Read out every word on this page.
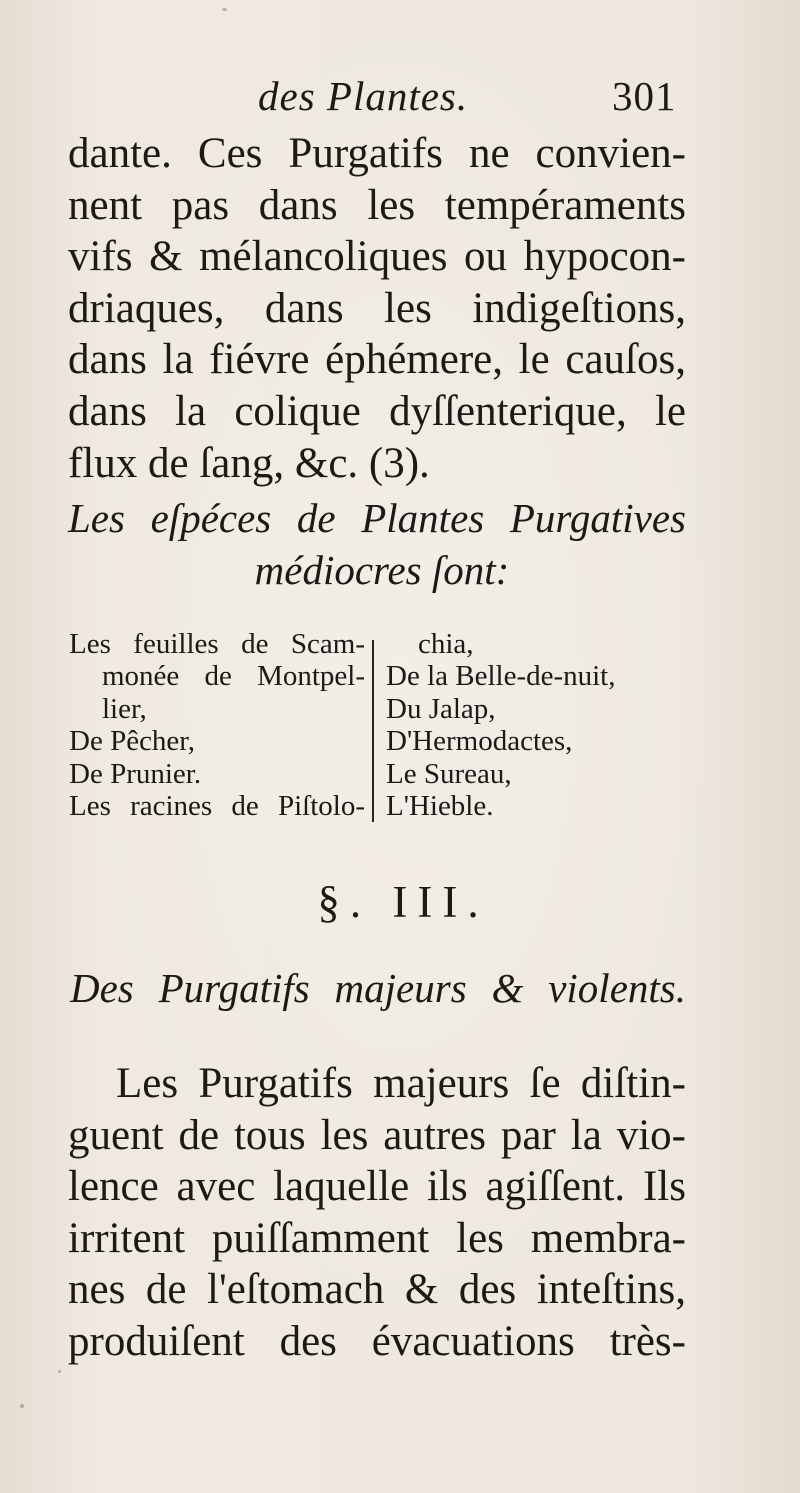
des Plantes.	301
dante. Ces Purgatifs ne convien-
nent pas dans les tempéraments
vifs & mélancoliques ou hypocon-
driaques, dans les indigeſtions,
dans la fiévre éphémere, le cauſos,
dans la colique dyſſenterique, le
flux de ſang, &c. (3).
Les eſpéces de Plantes Purgatives
médiocres ſont:
Les feuilles de Scam-
monée de Montpel-
lier,
De Pêcher,
De Prunier.
Les racines de Piſtolo-
chia,
De la Belle-de-nuit,
Du Jalap,
D'Hermodactes,
Le Sureau,
L'Hieble.
§. III.
Des Purgatifs majeurs & violents.
Les Purgatifs majeurs ſe diſtin-
guent de tous les autres par la vio-
lence avec laquelle ils agiſſent. Ils
irritent puiſſamment les membra-
nes de l'eſtomach & des inteſtins,
produiſent des évacuations très-
